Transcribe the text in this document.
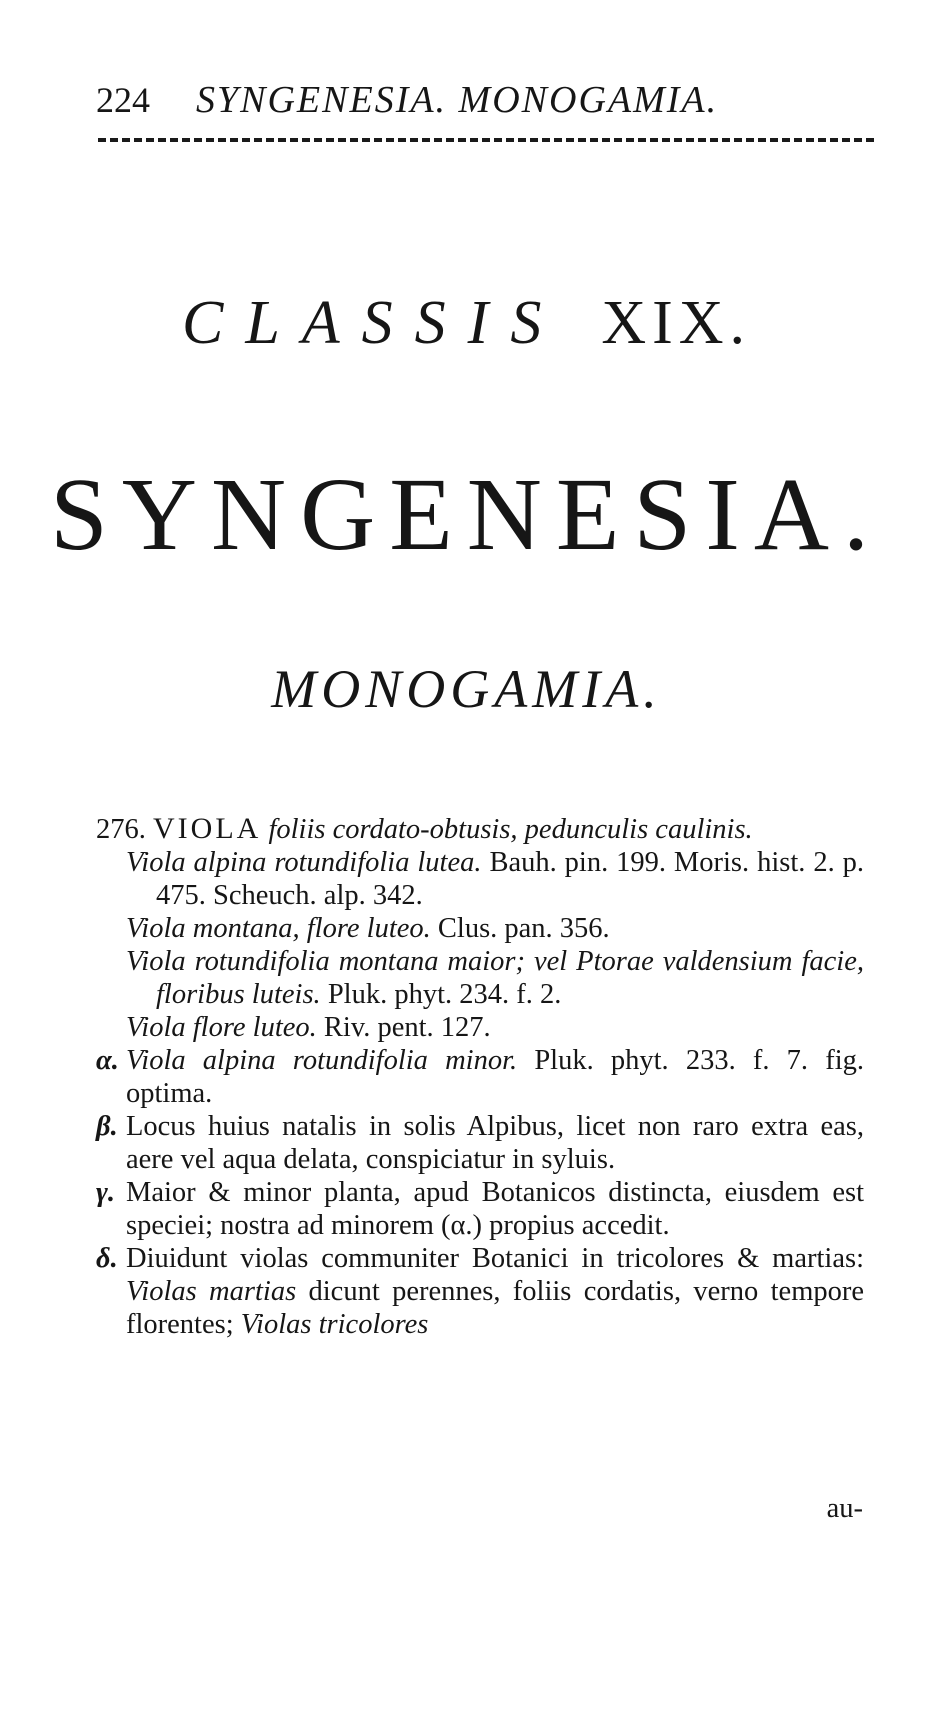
224 SYNGENESIA. MONOGAMIA.
CLASSIS XIX.
SYNGENESIA.
MONOGAMIA.
276. VIOLA foliis cordato-obtusis, pedunculis caulinis.
Viola alpina rotundifolia lutea. Bauh. pin. 199. Moris. hist. 2. p. 475. Scheuch. alp. 342.
Viola montana, flore luteo. Clus. pan. 356.
Viola rotundifolia montana maior; vel Ptorae valdensium facie, floribus luteis. Pluk. phyt. 234. f. 2.
Viola flore luteo. Riv. pent. 127.
α. Viola alpina rotundifolia minor. Pluk. phyt. 233. f. 7. fig. optima.
β. Locus huius natalis in solis Alpibus, licet non raro extra eas, aere vel aqua delata, conspiciatur in syluis.
γ. Maior & minor planta, apud Botanicos distincta, eiusdem est speciei; nostra ad minorem (α.) propius accedit.
δ. Diuidunt violas communiter Botanici in tricolores & martias: Violas martias dicunt perennes, foliis cordatis, verno tempore florentes; Violas tricolores
au-
